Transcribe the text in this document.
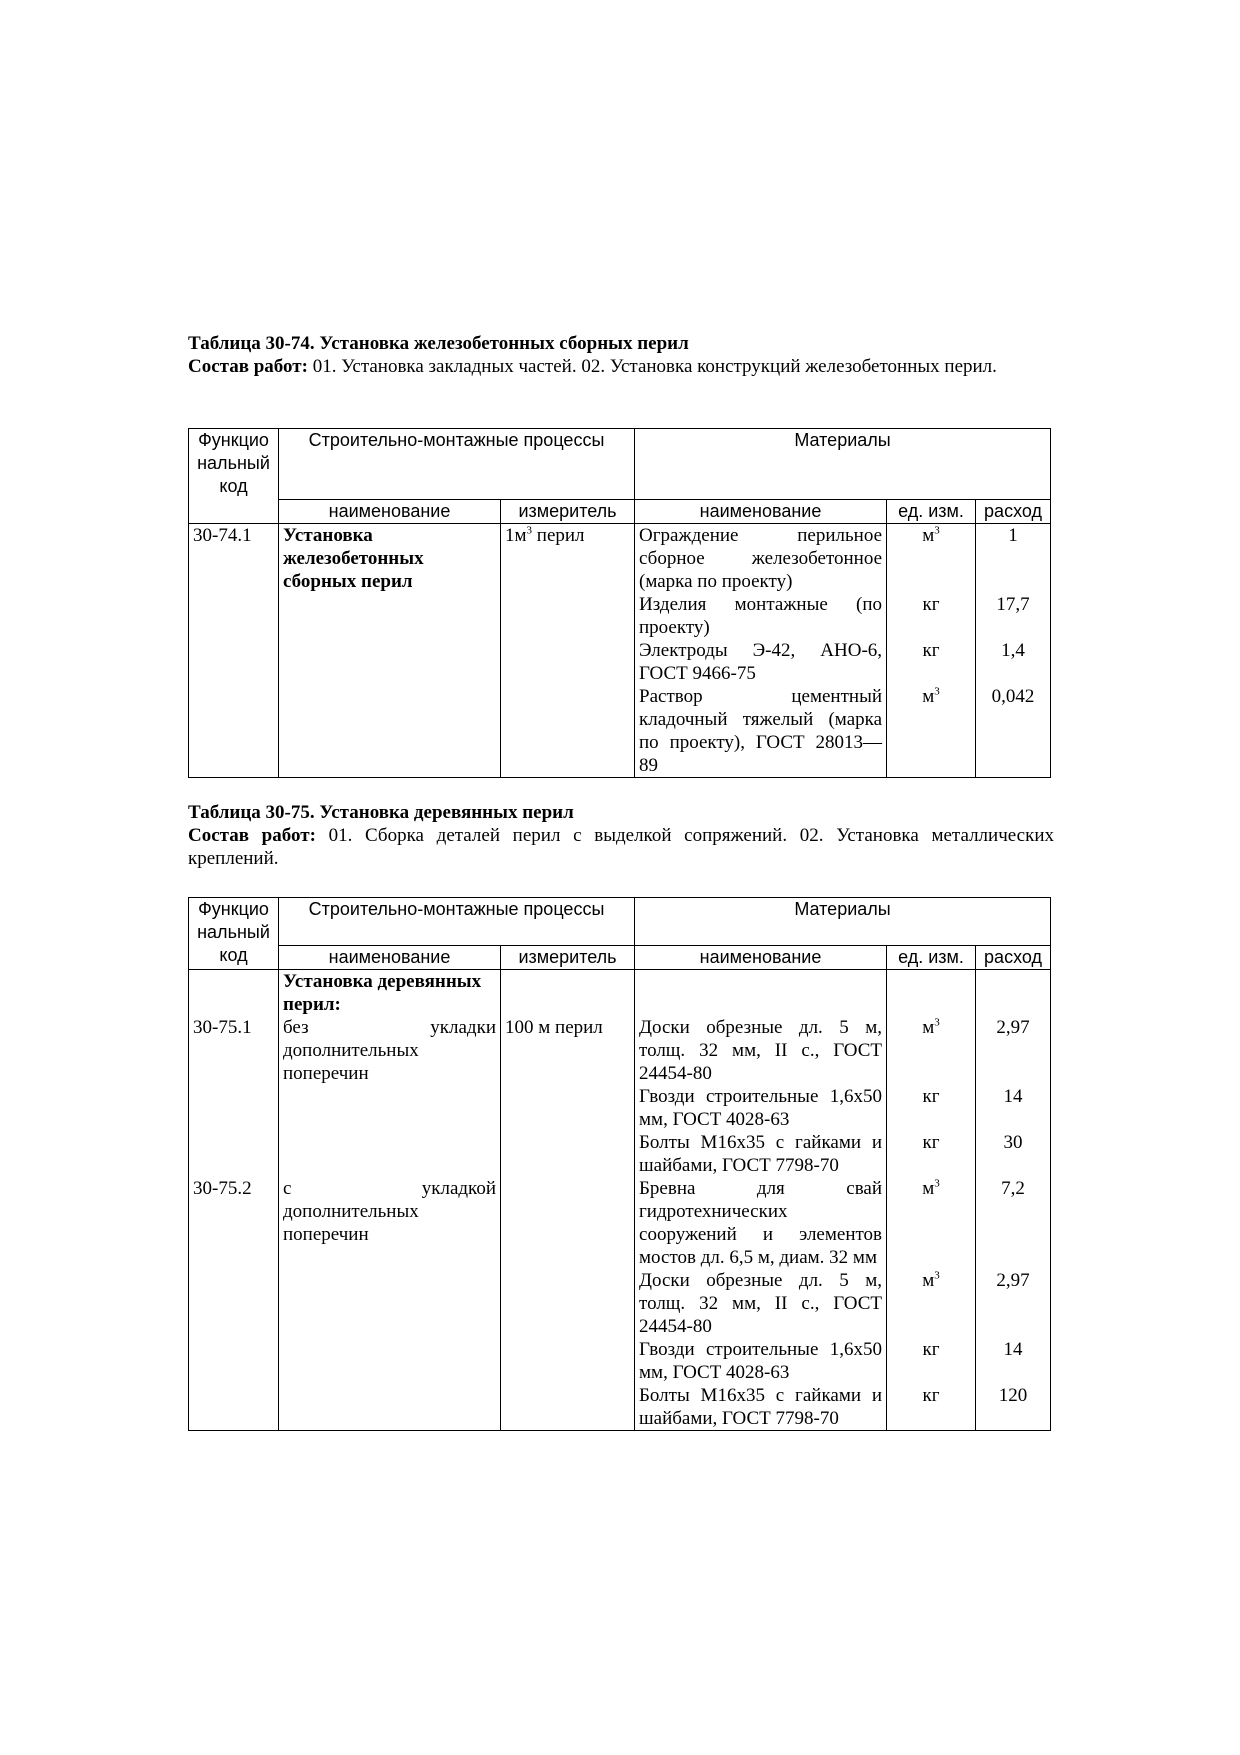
Таблица 30-74. Установка железобетонных сборных перил

Состав работ: 01. Установка закладных частей. 02. Установка конструкций железобетонных перил.

Функцио нальный код	Строительно-монтажные процессы		Материалы		
	наименование	измеритель	наименование	ед. изм.	расход
30-74.1	Установка железобетонных сборных перил	$1м^3$ перил	Ограждение перильное сборное железобетонное (марка по проекту)	$м^3$	1
			Изделия монтажные (по проекту)	кг	17,7
			Электроды Э-42, АНО-6, ГОСТ 9466-75	кг	1,4
			Раствор цементный кладочный тяжелый (марка по проекту), ГОСТ 28013—89	$м^3$	0,042

Таблица 30-75. Установка деревянных перил

Состав работ: 01. Сборка деталей перил с выделкой сопряжений. 02. Установка металлических креплений.

Функцио нальный код	Строительно-монтажные процессы		Материалы		
	наименование	измеритель	наименование	ед. изм.	расход
	Установка деревянных перил:				
30-75.1	без укладки дополнительных поперечин	100 м перил	Доски обрезные дл. 5 м, толщ. 32 мм, II с., ГОСТ 24454-80	$м^3$	2,97
			Гвозди строительные 1,6x50 мм, ГОСТ 4028-63	кг	14
			Болты М16x35 с гайками и шайбами, ГОСТ 7798-70	кг	30
30-75.2	с укладкой дополнительных поперечин		Бревна для свай гидротехнических сооружений и элементов мостов дл. 6,5 м, диам. 32 мм	$м^3$	7,2
			Доски обрезные дл. 5 м, толщ. 32 мм, II с., ГОСТ 24454-80	$м^3$	2,97
			Гвозди строительные 1,6x50 мм, ГОСТ 4028-63	кг	14
			Болты М16x35 с гайками и шайбами, ГОСТ 7798-70	кг	120
